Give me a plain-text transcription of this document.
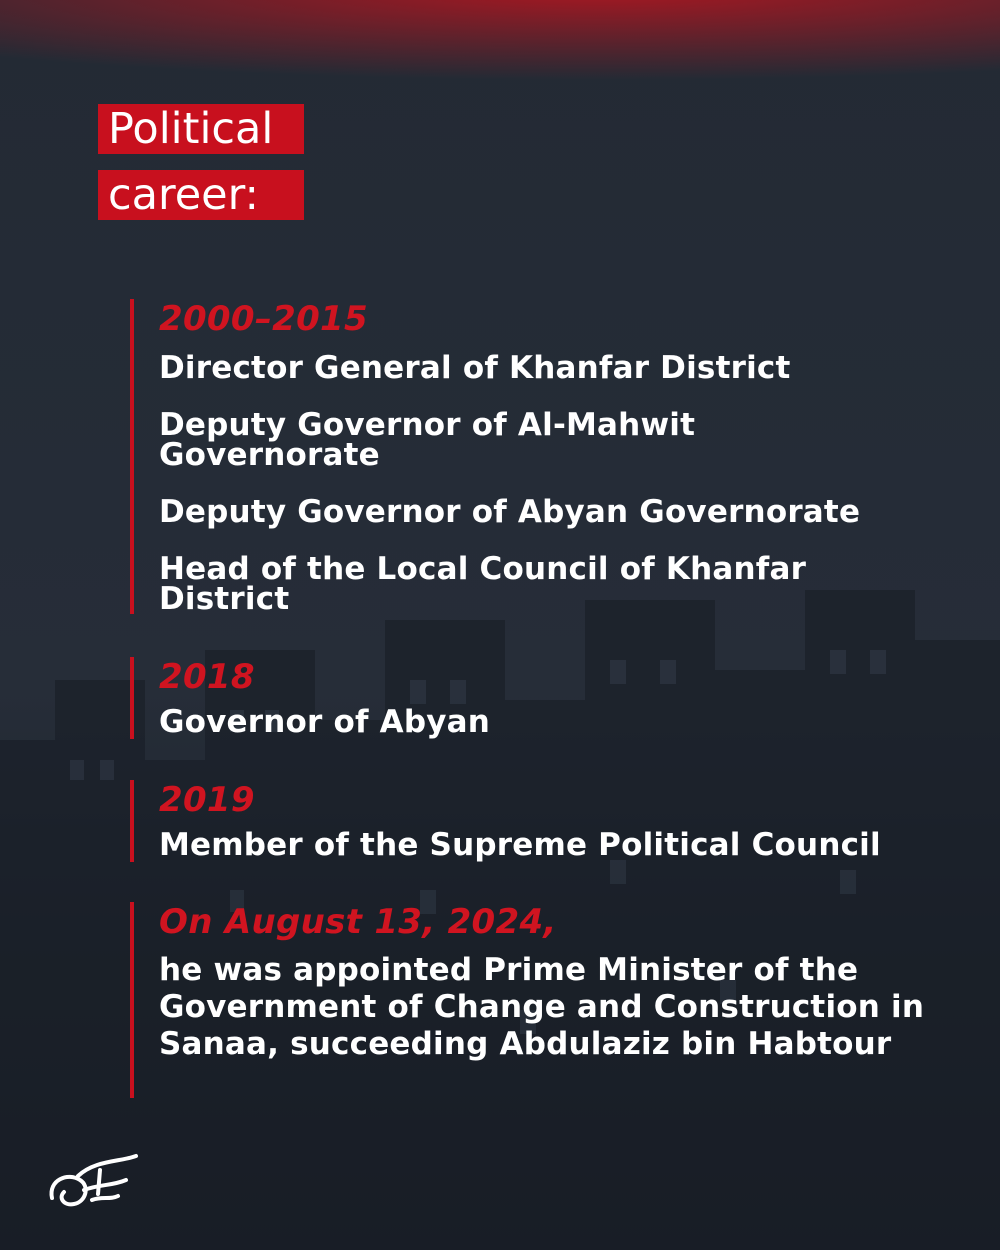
Political
career:
2000–2015
Director General of Khanfar District
Deputy Governor of Al-Mahwit Governorate
Deputy Governor of Abyan Governorate
Head of the Local Council of Khanfar District
2018
Governor of Abyan
2019
Member of the Supreme Political Council
On August 13, 2024,
he was appointed Prime Minister of the Government of Change and Construction in Sanaa, succeeding Abdulaziz bin Habtour
